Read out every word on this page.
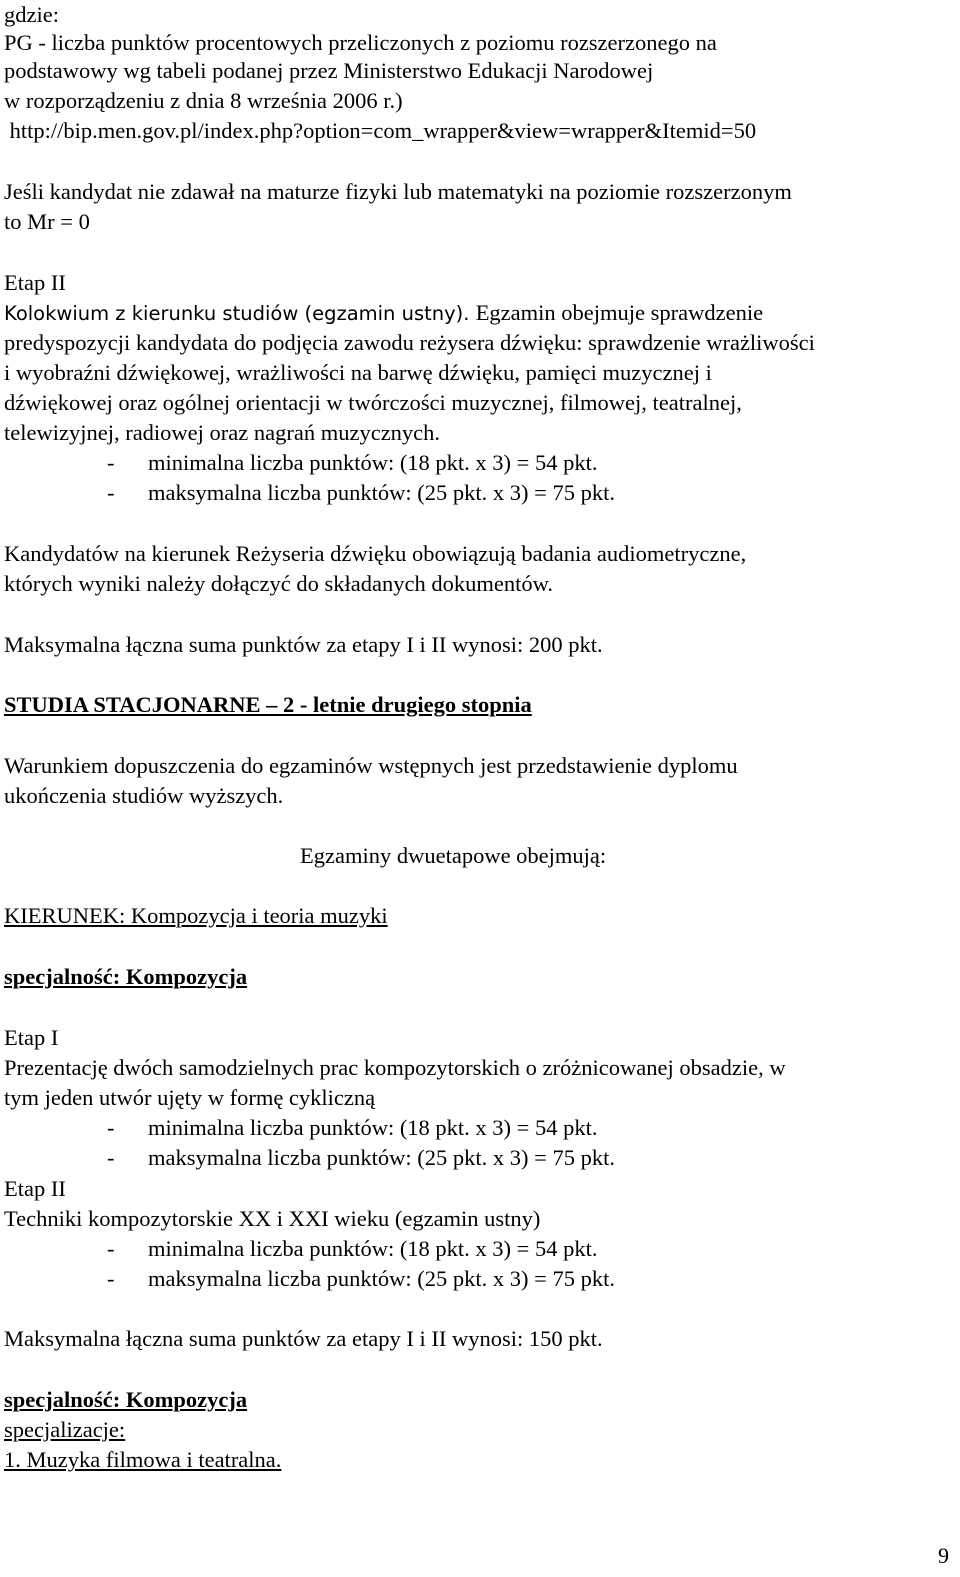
gdzie:

PG - liczba punktów procentowych przeliczonych z poziomu rozszerzonego na

podstawowy wg tabeli podanej przez Ministerstwo Edukacji Narodowej

w rozporządzeniu z dnia 8 września 2006 r.)

http://bip.men.gov.pl/index.php?option=com_wrapper&view=wrapper&Itemid=50

Jeśli kandydat nie zdawał na maturze fizyki lub matematyki na poziomie rozszerzonym

to Mr = 0

Etap II

Kolokwium z kierunku studiów (egzamin ustny). Egzamin obejmuje sprawdzenie

predyspozycji kandydata do podjęcia zawodu reżysera dźwięku: sprawdzenie wrażliwości

i wyobraźni dźwiękowej, wrażliwości na barwę dźwięku, pamięci muzycznej i

dźwiękowej oraz ogólnej orientacji w twórczości muzycznej, filmowej, teatralnej,

telewizyjnej, radiowej oraz nagrań muzycznych.

- minimalna liczba punktów: (18 pkt. x 3) = 54 pkt.

- maksymalna liczba punktów: (25 pkt. x 3) = 75 pkt.

Kandydatów na kierunek Reżyseria dźwięku obowiązują badania audiometryczne,

których wyniki należy dołączyć do składanych dokumentów.

Maksymalna łączna suma punktów za etapy I i II wynosi: 200 pkt.

STUDIA STACJONARNE – 2 - letnie drugiego stopnia

Warunkiem dopuszczenia do egzaminów wstępnych jest przedstawienie dyplomu

ukończenia studiów wyższych.

Egzaminy dwuetapowe obejmują:

KIERUNEK: Kompozycja i teoria muzyki

specjalność: Kompozycja

Etap I

Prezentację dwóch samodzielnych prac kompozytorskich o zróżnicowanej obsadzie, w

tym jeden utwór ujęty w formę cykliczną

- minimalna liczba punktów: (18 pkt. x 3) = 54 pkt.

- maksymalna liczba punktów: (25 pkt. x 3) = 75 pkt.

Etap II

Techniki kompozytorskie XX i XXI wieku (egzamin ustny)

- minimalna liczba punktów: (18 pkt. x 3) = 54 pkt.

- maksymalna liczba punktów: (25 pkt. x 3) = 75 pkt.

Maksymalna łączna suma punktów za etapy I i II wynosi: 150 pkt.

specjalność: Kompozycja

specjalizacje:

1. Muzyka filmowa i teatralna.

9
